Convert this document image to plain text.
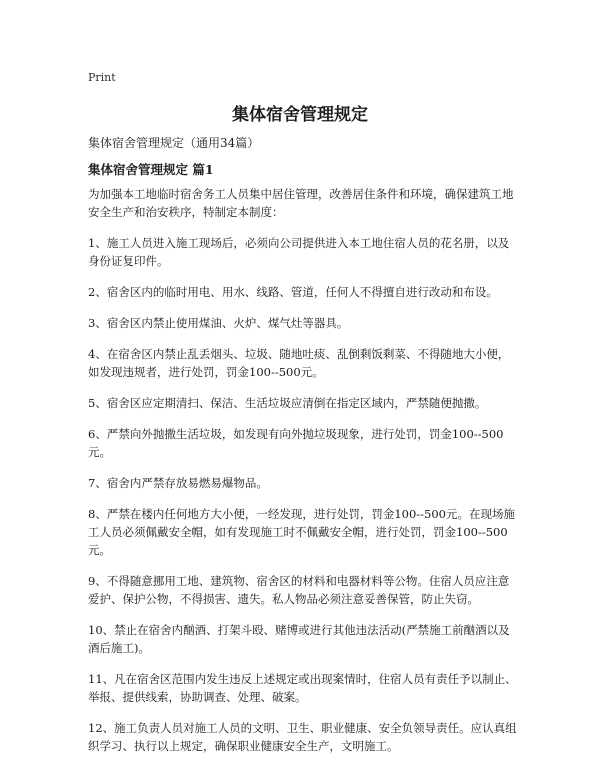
Print
集体宿舍管理规定
集体宿舍管理规定（通用34篇）
集体宿舍管理规定 篇1

为加强本工地临时宿舍务工人员集中居住管理，改善居住条件和环境，确保建筑工地安全生产和治安秩序，特制定本制度：

1、施工人员进入施工现场后，必须向公司提供进入本工地住宿人员的花名册，以及身份证复印件。

2、宿舍区内的临时用电、用水、线路、管道，任何人不得擅自进行改动和布设。

3、宿舍区内禁止使用煤油、火炉、煤气灶等器具。

4、在宿舍区内禁止乱丢烟头、垃圾、随地吐痰、乱倒剩饭剩菜、不得随地大小便，如发现违规者，进行处罚，罚金100--500元。

5、宿舍区应定期清扫、保洁、生活垃圾应清倒在指定区域内，严禁随便抛撒。

6、严禁向外抛撒生活垃圾，如发现有向外抛垃圾现象，进行处罚，罚金100--500元。

7、宿舍内严禁存放易燃易爆物品。

8、严禁在楼内任何地方大小便，一经发现，进行处罚，罚金100--500元。在现场施工人员必须佩戴安全帽，如有发现施工时不佩戴安全帽，进行处罚，罚金100--500元。

9、不得随意挪用工地、建筑物、宿舍区的材料和电器材料等公物。住宿人员应注意爱护、保护公物，不得损害、遗失。私人物品必须注意妥善保管，防止失窃。

10、禁止在宿舍内酗酒、打架斗殴、赌博或进行其他违法活动(严禁施工前酗酒以及酒后施工)。

11、凡在宿舍区范围内发生违反上述规定或出现案情时，住宿人员有责任予以制止、举报、提供线索，协助调查、处理、破案。

12、施工负责人员对施工人员的文明、卫生、职业健康、安全负领导责任。应认真组织学习、执行以上规定，确保职业健康安全生产，文明施工。
